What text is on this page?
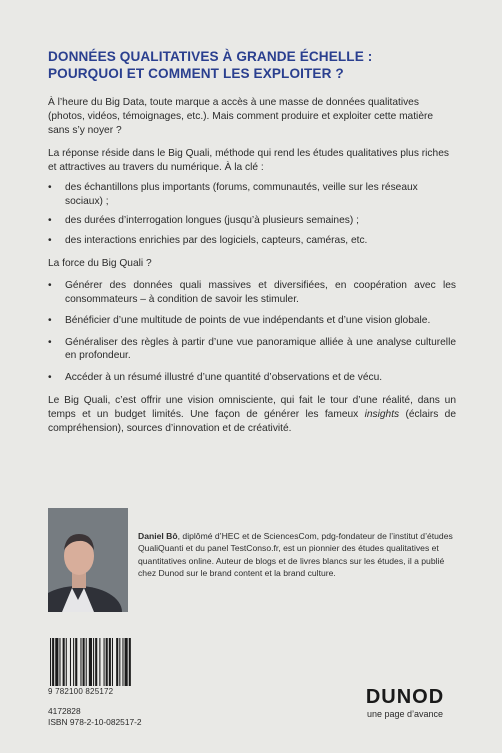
DONNÉES QUALITATIVES À GRANDE ÉCHELLE :
POURQUOI ET COMMENT LES EXPLOITER ?

À l’heure du Big Data, toute marque a accès à une masse de données qualitatives (photos, vidéos, témoignages, etc.). Mais comment produire et exploiter cette matière sans s’y noyer ?

La réponse réside dans le Big Quali, méthode qui rend les études qualitatives plus riches et attractives au travers du numérique. À la clé :

• des échantillons plus importants (forums, communautés, veille sur les réseaux sociaux) ;
• des durées d’interrogation longues (jusqu’à plusieurs semaines) ;
• des interactions enrichies par des logiciels, capteurs, caméras, etc.

La force du Big Quali ?

• Générer des données quali massives et diversifiées, en coopération avec les consommateurs – à condition de savoir les stimuler.
• Bénéficier d’une multitude de points de vue indépendants et d’une vision globale.
• Généraliser des règles à partir d’une vue panoramique alliée à une analyse culturelle en profondeur.
• Accéder à un résumé illustré d’une quantité d’observations et de vécu.

Le Big Quali, c’est offrir une vision omnisciente, qui fait le tour d’une réalité, dans un temps et un budget limités. Une façon de générer les fameux insights (éclairs de compréhension), sources d’innovation et de créativité.

Daniel Bô, diplômé d’HEC et de SciencesCom, pdg-fondateur de l’institut d’études QualiQuanti et du panel TestConso.fr, est un pionnier des études qualitatives et quantitatives online. Auteur de blogs et de livres blancs sur les études, il a publié chez Dunod sur le brand content et la brand culture.
9 782100 825172
4172828
ISBN 978-2-10-082517-2
DUNOD
une page d’avance
